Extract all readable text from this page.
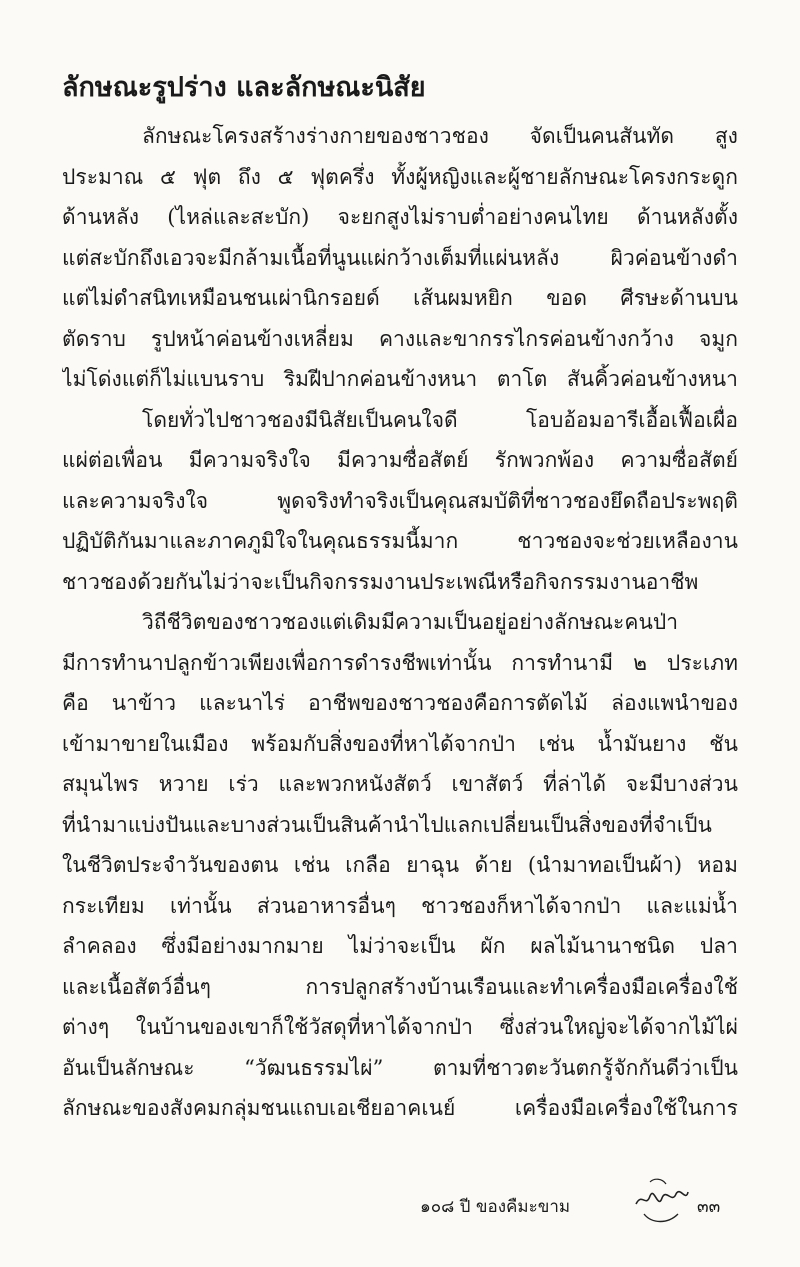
ลักษณะรูปร่าง และลักษณะนิสัย
ลักษณะโครงสร้างร่างกายของชาวชอง จัดเป็นคนสันทัด สูง
ประมาณ ๕ ฟุต ถึง ๕ ฟุตครึ่ง ทั้งผู้หญิงและผู้ชายลักษณะโครงกระดูก
ด้านหลัง (ไหล่และสะบัก) จะยกสูงไม่ราบต่ำอย่างคนไทย ด้านหลังตั้ง
แต่สะบักถึงเอวจะมีกล้ามเนื้อที่นูนแผ่กว้างเต็มที่แผ่นหลัง ผิวค่อนข้างดำ
แต่ไม่ดำสนิทเหมือนชนเผ่านิกรอยด์ เส้นผมหยิก ขอด ศีรษะด้านบน
ตัดราบ รูปหน้าค่อนข้างเหลี่ยม คางและขากรรไกรค่อนข้างกว้าง จมูก
ไม่โด่งแต่ก็ไม่แบนราบ ริมฝีปากค่อนข้างหนา ตาโต สันคิ้วค่อนข้างหนา
โดยทั่วไปชาวชองมีนิสัยเป็นคนใจดี โอบอ้อมอารีเอื้อเฟื้อเผื่อ
แผ่ต่อเพื่อน มีความจริงใจ มีความซื่อสัตย์ รักพวกพ้อง ความซื่อสัตย์
และความจริงใจ พูดจริงทำจริงเป็นคุณสมบัติที่ชาวชองยึดถือประพฤติ
ปฏิบัติกันมาและภาคภูมิใจในคุณธรรมนี้มาก ชาวชองจะช่วยเหลืองาน
ชาวชองด้วยกันไม่ว่าจะเป็นกิจกรรมงานประเพณีหรือกิจกรรมงานอาชีพ
วิถีชีวิตของชาวชองแต่เดิมมีความเป็นอยู่อย่างลักษณะคนป่า
มีการทำนาปลูกข้าวเพียงเพื่อการดำรงชีพเท่านั้น การทำนามี ๒ ประเภท
คือ นาข้าว และนาไร่ อาชีพของชาวชองคือการตัดไม้ ล่องแพนำของ
เข้ามาขายในเมือง พร้อมกับสิ่งของที่หาได้จากป่า เช่น น้ำมันยาง ชัน
สมุนไพร หวาย เร่ว และพวกหนังสัตว์ เขาสัตว์ ที่ล่าได้ จะมีบางส่วน
ที่นำมาแบ่งปันและบางส่วนเป็นสินค้านำไปแลกเปลี่ยนเป็นสิ่งของที่จำเป็น
ในชีวิตประจำวันของตน เช่น เกลือ ยาฉุน ด้าย (นำมาทอเป็นผ้า) หอม
กระเทียม เท่านั้น ส่วนอาหารอื่นๆ ชาวชองก็หาได้จากป่า และแม่น้ำ
ลำคลอง ซึ่งมีอย่างมากมาย ไม่ว่าจะเป็น ผัก ผลไม้นานาชนิด ปลา
และเนื้อสัตว์อื่นๆ การปลูกสร้างบ้านเรือนและทำเครื่องมือเครื่องใช้
ต่างๆ ในบ้านของเขาก็ใช้วัสดุที่หาได้จากป่า ซึ่งส่วนใหญ่จะได้จากไม้ไผ่
อันเป็นลักษณะ “วัฒนธรรมไผ่” ตามที่ชาวตะวันตกรู้จักกันดีว่าเป็น
ลักษณะของสังคมกลุ่มชนแถบเอเชียอาคเนย์ เครื่องมือเครื่องใช้ในการ
๑๐๘ ปี ของคืมะขาม	๓๓
